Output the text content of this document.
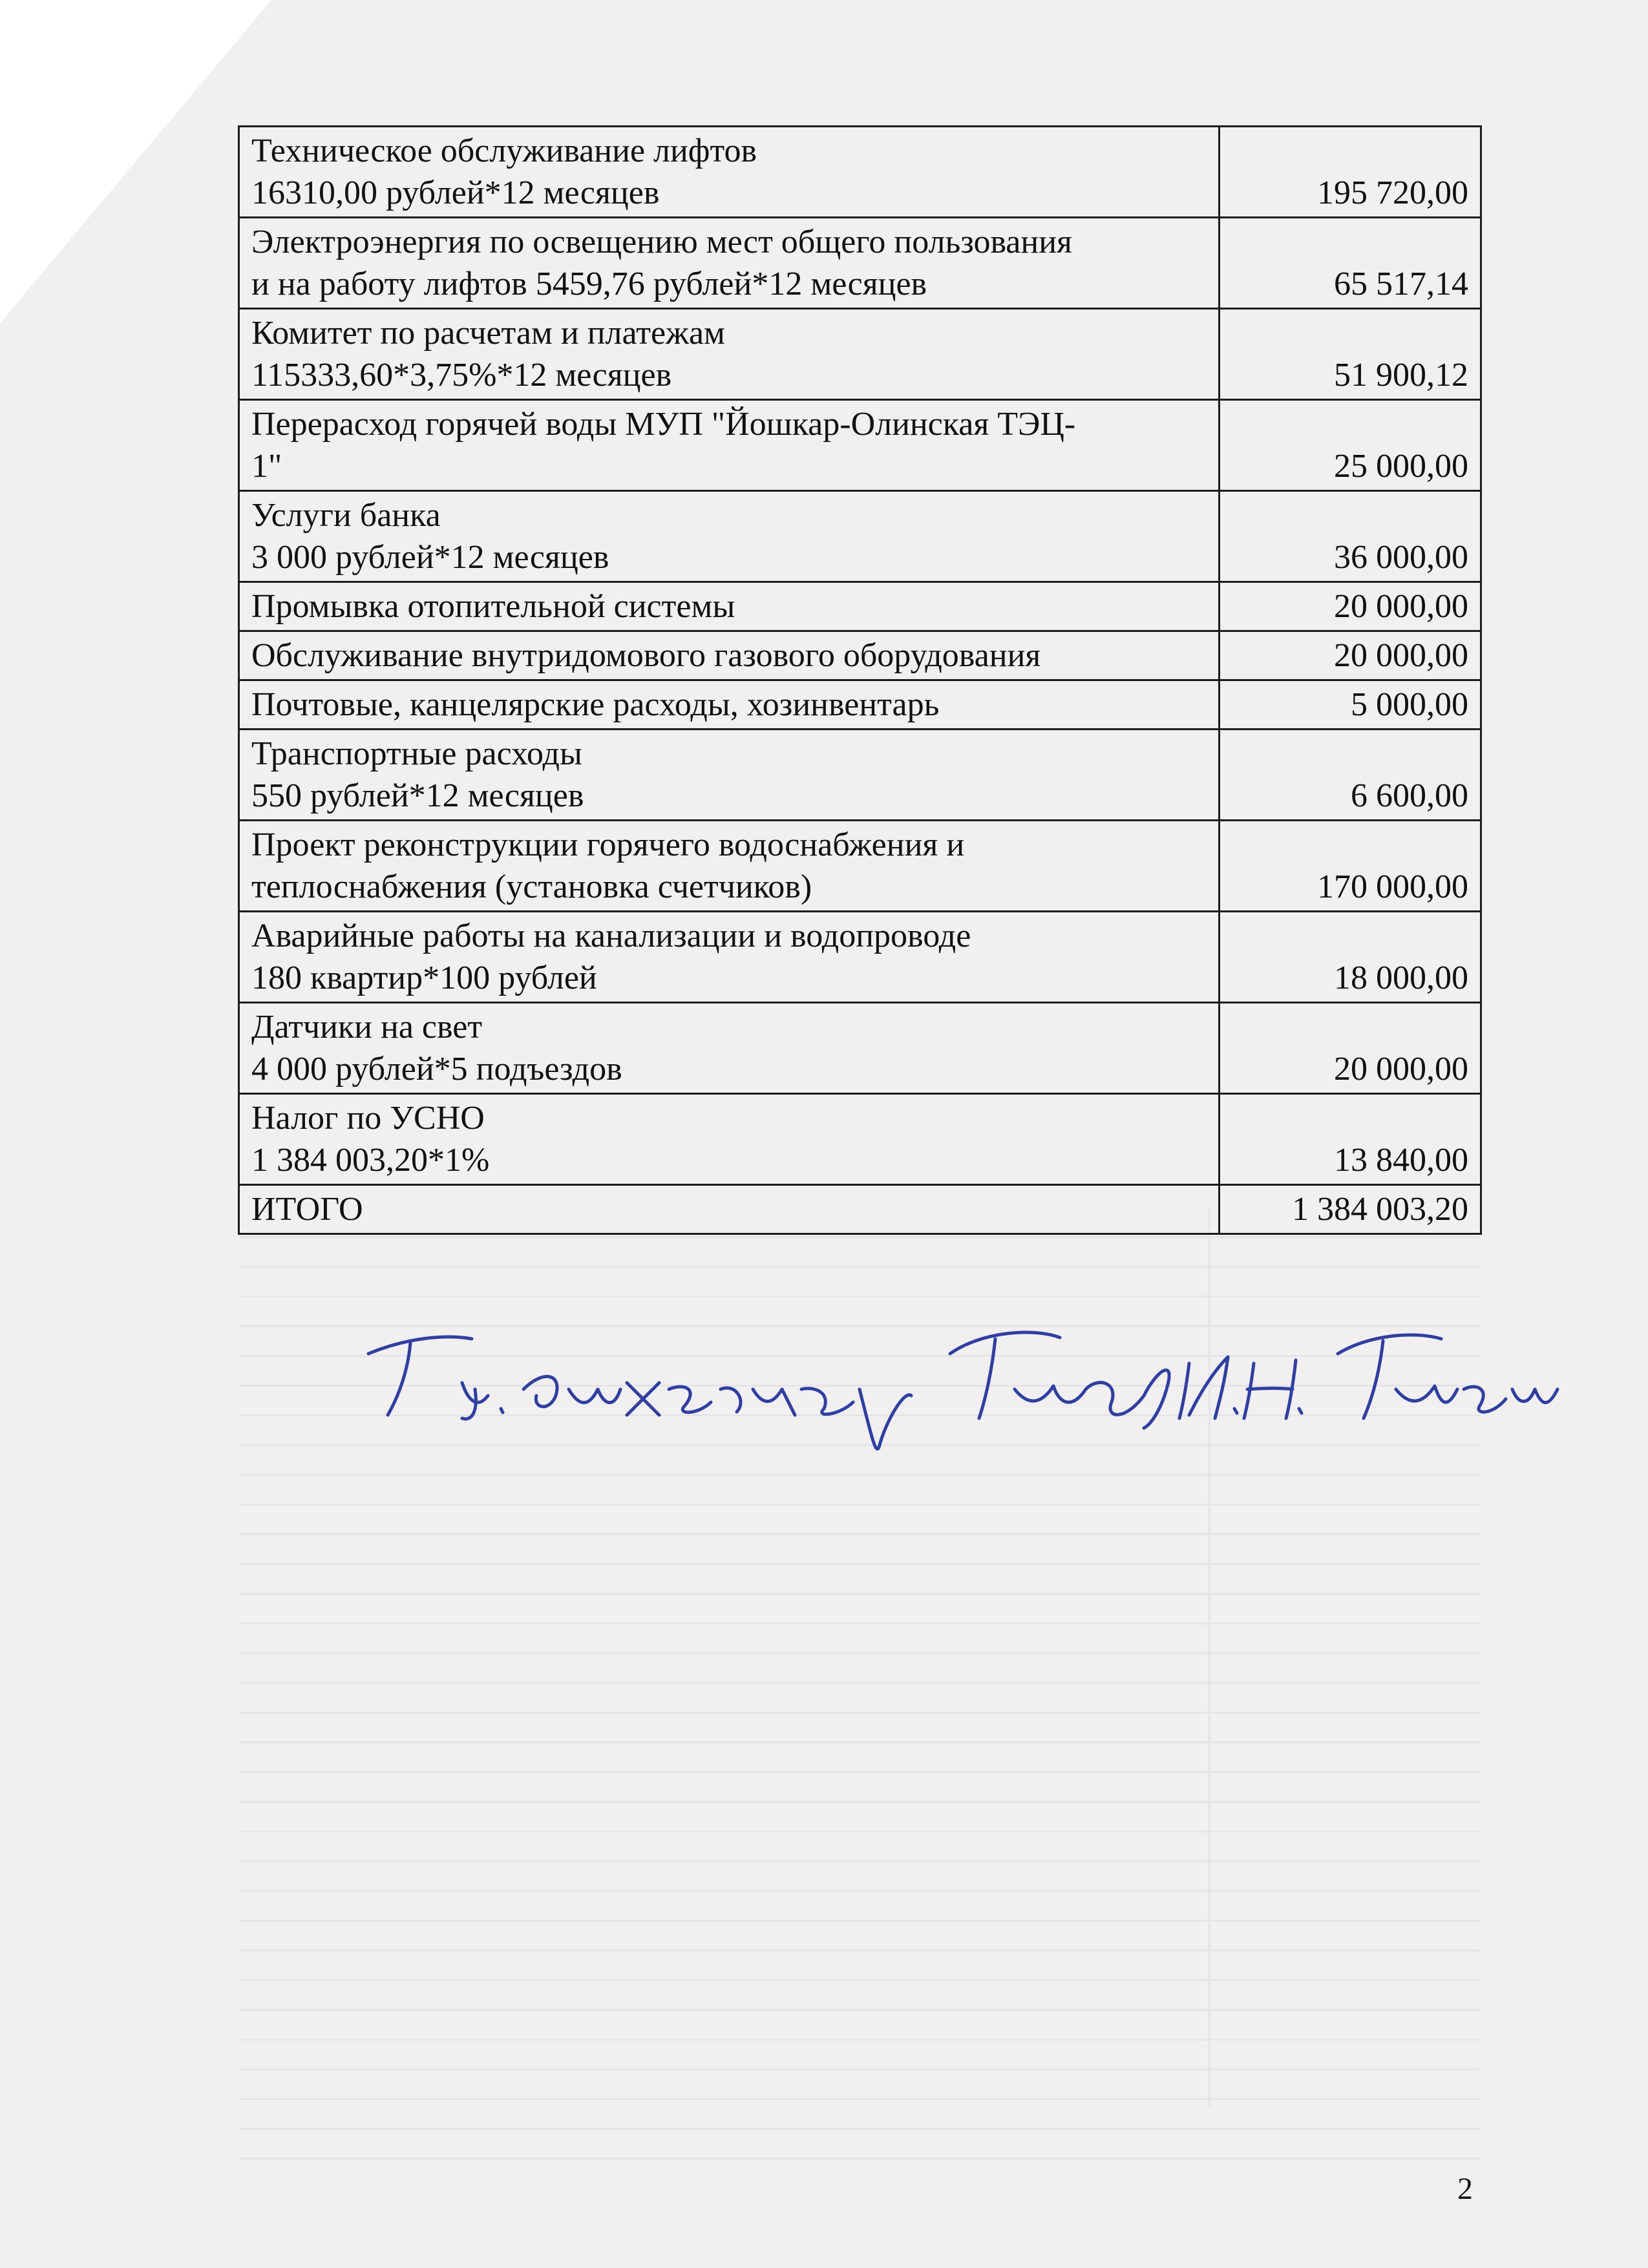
Техническое обслуживание лифтов
16310,00 рублей*12 месяцев	195 720,00

Электроэнергия по освещению мест общего пользования
и на работу лифтов 5459,76 рублей*12 месяцев	65 517,14

Комитет по расчетам и платежам
115333,60*3,75%*12 месяцев	51 900,12

Перерасход горячей воды МУП "Йошкар-Олинская ТЭЦ-
1"	25 000,00

Услуги банка
3 000 рублей*12 месяцев	36 000,00

Промывка отопительной системы	20 000,00

Обслуживание внутридомового газового оборудования	20 000,00

Почтовые, канцелярские расходы, хозинвентарь	5 000,00

Транспортные расходы
550 рублей*12 месяцев	6 600,00

Проект реконструкции горячего водоснабжения и
теплоснабжения (установка счетчиков)	170 000,00

Аварийные работы на канализации и водопроводе
180 квартир*100 рублей	18 000,00

Датчики на свет
4 000 рублей*5 подъездов	20 000,00

Налог по УСНО
1 384 003,20*1%	13 840,00
ИТОГО	1 384 003,20
2
